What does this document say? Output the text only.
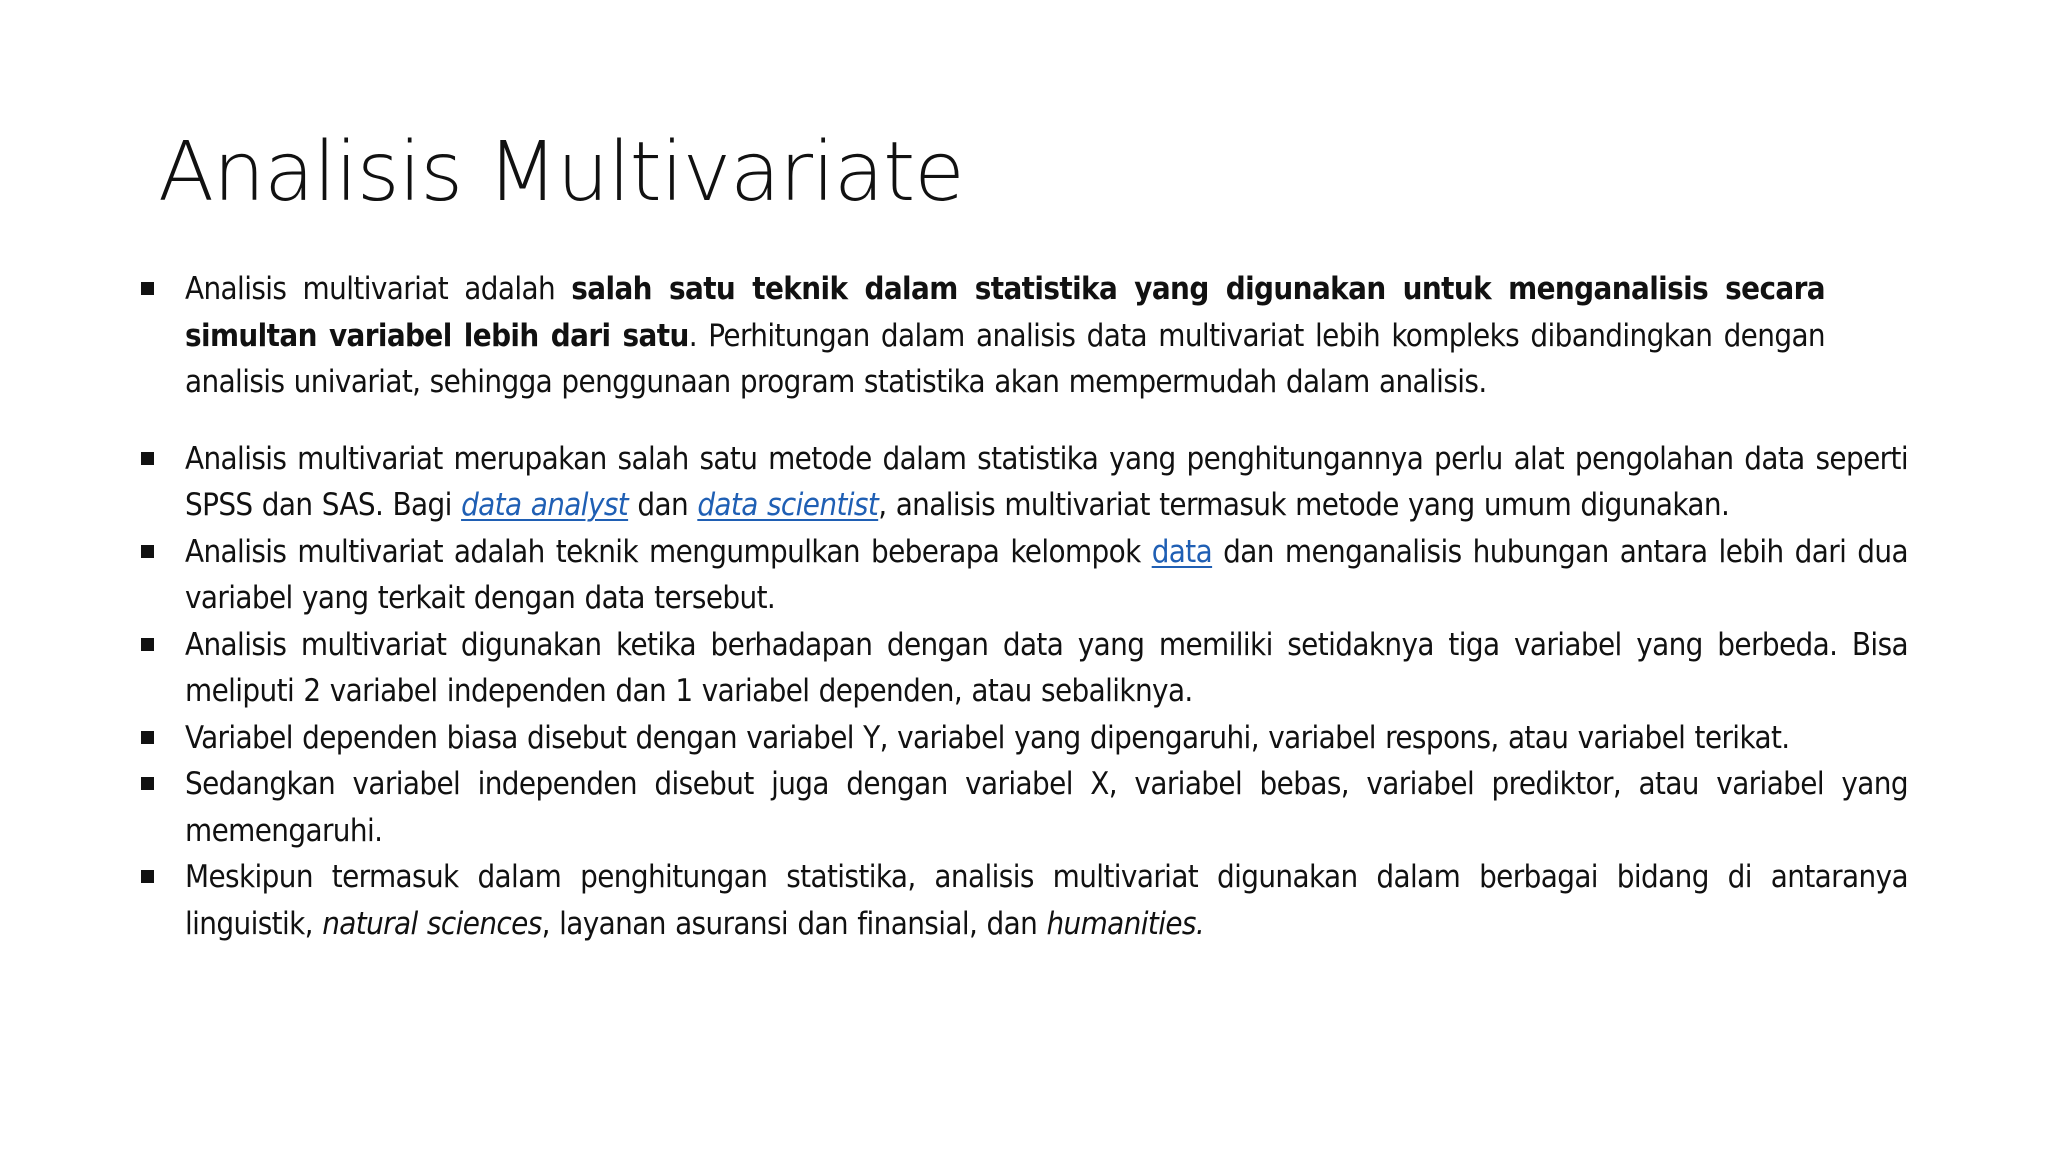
Analisis Multivariate
Analisis multivariat adalah salah satu teknik dalam statistika yang digunakan untuk menganalisis secara simultan variabel lebih dari satu. Perhitungan dalam analisis data multivariat lebih kompleks dibandingkan dengan analisis univariat, sehingga penggunaan program statistika akan mempermudah dalam analisis.
Analisis multivariat merupakan salah satu metode dalam statistika yang penghitungannya perlu alat pengolahan data seperti SPSS dan SAS. Bagi data analyst dan data scientist, analisis multivariat termasuk metode yang umum digunakan.
Analisis multivariat adalah teknik mengumpulkan beberapa kelompok data dan menganalisis hubungan antara lebih dari dua variabel yang terkait dengan data tersebut.
Analisis multivariat digunakan ketika berhadapan dengan data yang memiliki setidaknya tiga variabel yang berbeda. Bisa meliputi 2 variabel independen dan 1 variabel dependen, atau sebaliknya.
Variabel dependen biasa disebut dengan variabel Y, variabel yang dipengaruhi, variabel respons, atau variabel terikat.
Sedangkan variabel independen disebut juga dengan variabel X, variabel bebas, variabel prediktor, atau variabel yang memengaruhi.
Meskipun termasuk dalam penghitungan statistika, analisis multivariat digunakan dalam berbagai bidang di antaranya linguistik, natural sciences, layanan asuransi dan finansial, dan humanities.
